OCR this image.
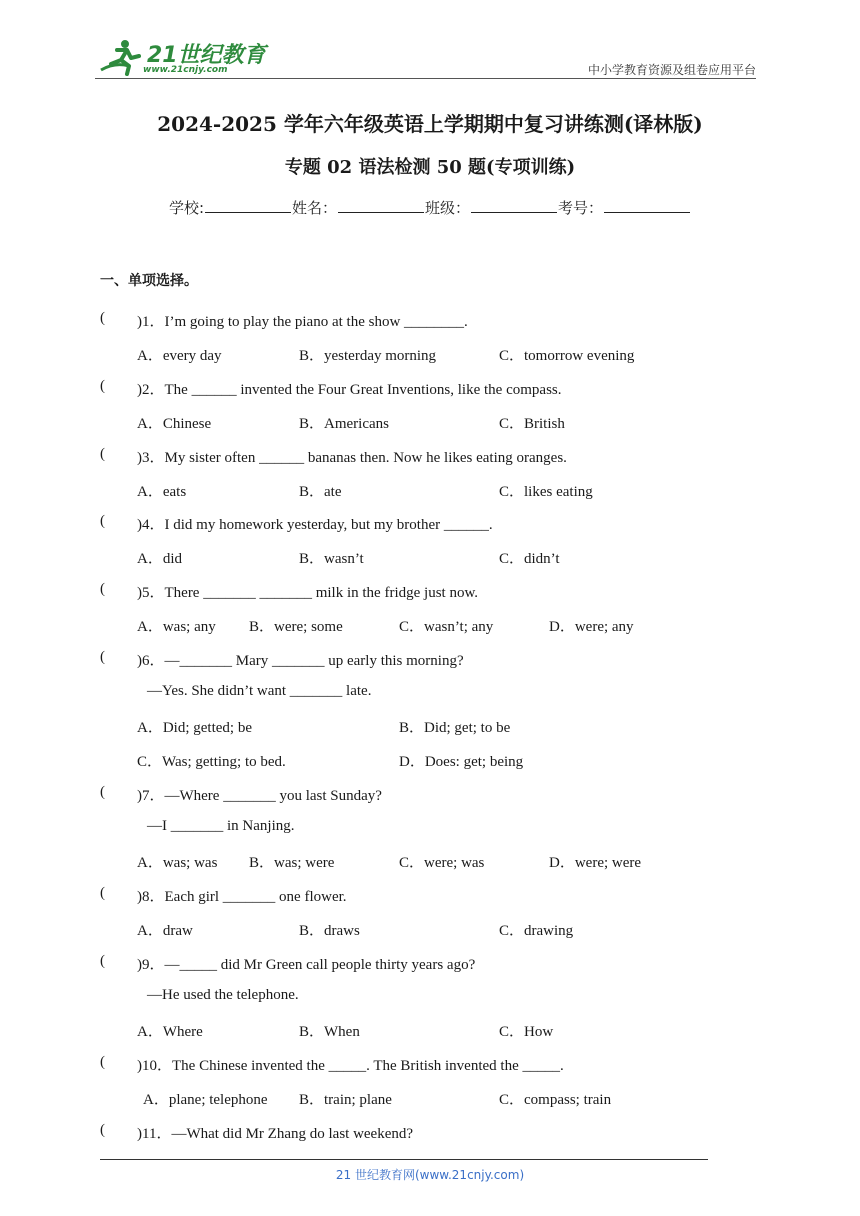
21世纪教育
www.21cnjy.com	中小学教育资源及组卷应用平台
2024-2025 学年六年级英语上学期期中复习讲练测(译林版)
专题 02 语法检测 50 题(专项训练)
学校:	姓名：	班级：	考号：
一、单项选择。
( )1．I’m going to play the piano at the show ________.
A．every day	B．yesterday morning	C．tomorrow evening
( )2．The ______ invented the Four Great Inventions, like the compass.
A．Chinese	B．Americans	C．British
( )3．My sister often ______ bananas then. Now he likes eating oranges.
A．eats	B．ate	C．likes eating
( )4．I did my homework yesterday, but my brother ______.
A．did	B．wasn’t	C．didn’t
( )5．There _______ _______ milk in the fridge just now.
A．was; any B．were; some	C．wasn’t; any	D．were; any
( )6．—_______ Mary _______ up early this morning?
—Yes. She didn’t want _______ late.
A．Did; getted; be	B．Did; get; to be
C．Was; getting; to bed.	D．Does: get; being
( )7．—Where _______ you last Sunday?
—I _______ in Nanjing.
A．was; was B．was; were	C．were; was	D．were; were
( )8．Each girl _______ one flower.
A．draw	B．draws	C．drawing
( )9．—_____ did Mr Green call people thirty years ago?
—He used the telephone.
A．Where	B．When	C．How
( )10．The Chinese invented the _____. The British invented the _____.
A．plane; telephone B．train; plane	C．compass; train
( )11．—What did Mr Zhang do last weekend?
21 世纪教育网(www.21cnjy.com)
